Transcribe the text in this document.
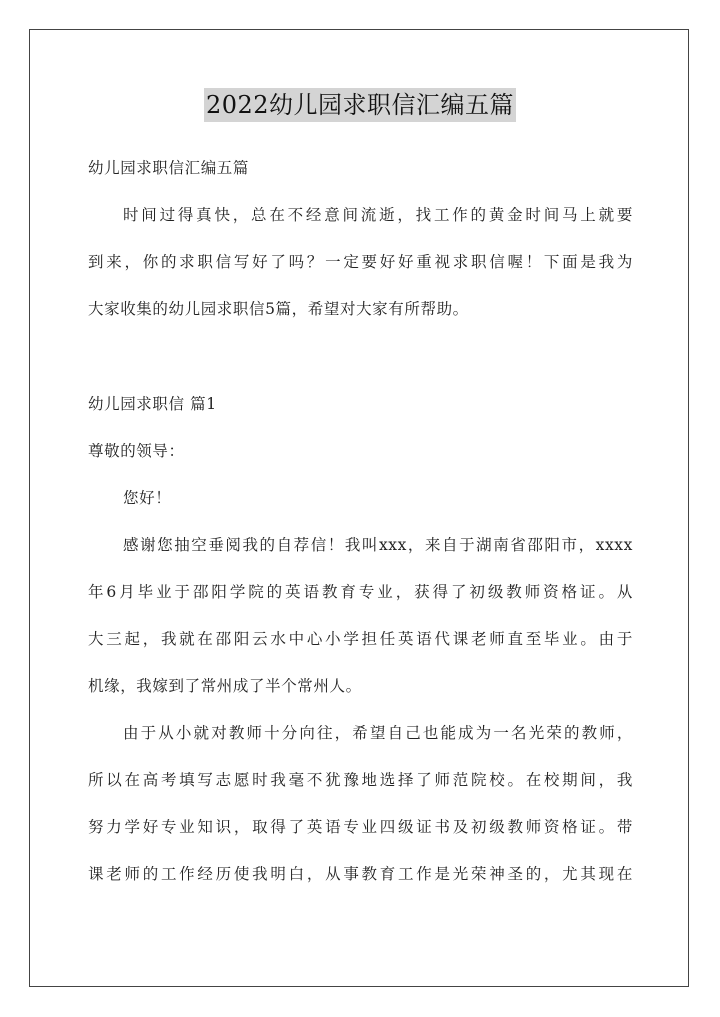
2022幼儿园求职信汇编五篇
幼儿园求职信汇编五篇
时间过得真快，总在不经意间流逝，找工作的黄金时间马上就要
到来，你的求职信写好了吗？一定要好好重视求职信喔！下面是我为
大家收集的幼儿园求职信5篇，希望对大家有所帮助。
幼儿园求职信 篇1
尊敬的领导：
您好！
感谢您抽空垂阅我的自荐信！我叫xxx，来自于湖南省邵阳市，xxxx
年6月毕业于邵阳学院的英语教育专业，获得了初级教师资格证。从
大三起，我就在邵阳云水中心小学担任英语代课老师直至毕业。由于
机缘，我嫁到了常州成了半个常州人。
由于从小就对教师十分向往，希望自己也能成为一名光荣的教师，
所以在高考填写志愿时我毫不犹豫地选择了师范院校。在校期间，我
努力学好专业知识，取得了英语专业四级证书及初级教师资格证。带
课老师的工作经历使我明白，从事教育工作是光荣神圣的，尤其现在
